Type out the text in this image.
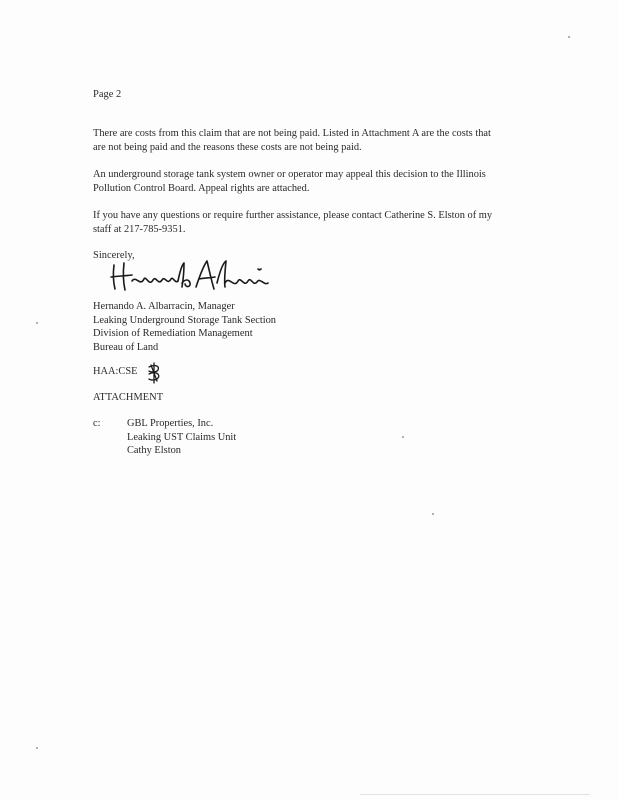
Page 2
There are costs from this claim that are not being paid. Listed in Attachment A are the costs that
are not being paid and the reasons these costs are not being paid.
An underground storage tank system owner or operator may appeal this decision to the Illinois
Pollution Control Board. Appeal rights are attached.
If you have any questions or require further assistance, please contact Catherine S. Elston of my
staff at 217-785-9351.
Sincerely,
Hernando A. Albarracin, Manager
Leaking Underground Storage Tank Section
Division of Remediation Management
Bureau of Land
HAA:CSE
ATTACHMENT
c:	GBL Properties, Inc.
Leaking UST Claims Unit
Cathy Elston
